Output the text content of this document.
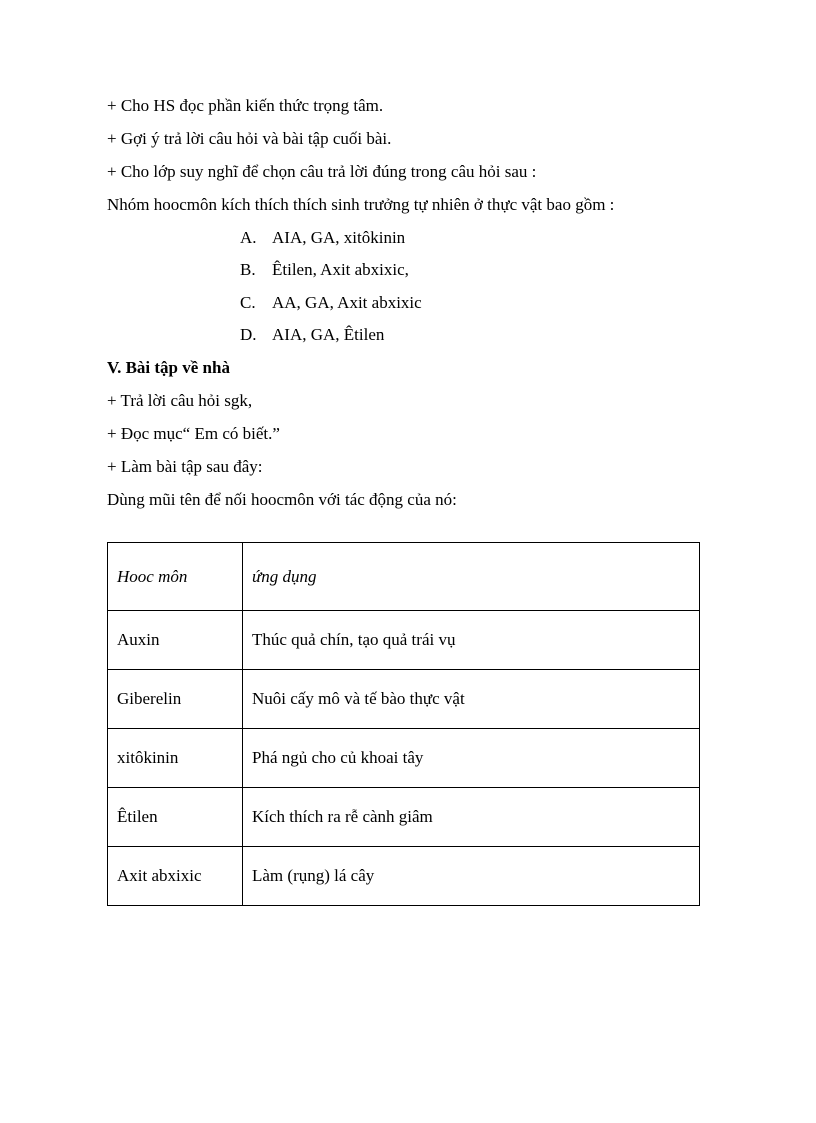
+ Cho HS đọc phần kiến thức trọng tâm.
+ Gợi ý trả lời câu hỏi và bài tập cuối bài.
+ Cho lớp suy nghĩ để chọn câu trả lời đúng trong câu hỏi sau :
Nhóm hoocmôn kích thích thích sinh trưởng tự nhiên ở thực vật bao gồm :
A. AIA, GA, xitôkinin
B. Êtilen, Axit abxixic,
C. AA, GA, Axit abxixic
D. AIA, GA, Êtilen
V. Bài tập về nhà
+ Trả lời câu hỏi sgk,
+ Đọc mục“ Em có biết.”
+ Làm bài tập sau đây:
Dùng mũi tên để nối hoocmôn với tác động của nó:
Hooc môn	ứng dụng
Auxin	Thúc quả chín, tạo quả trái vụ
Giberelin	Nuôi cấy mô và tế bào thực vật
xitôkinin	Phá ngủ cho củ khoai tây
Êtilen	Kích thích ra rễ cành giâm
Axit abxixic	Làm (rụng) lá cây
